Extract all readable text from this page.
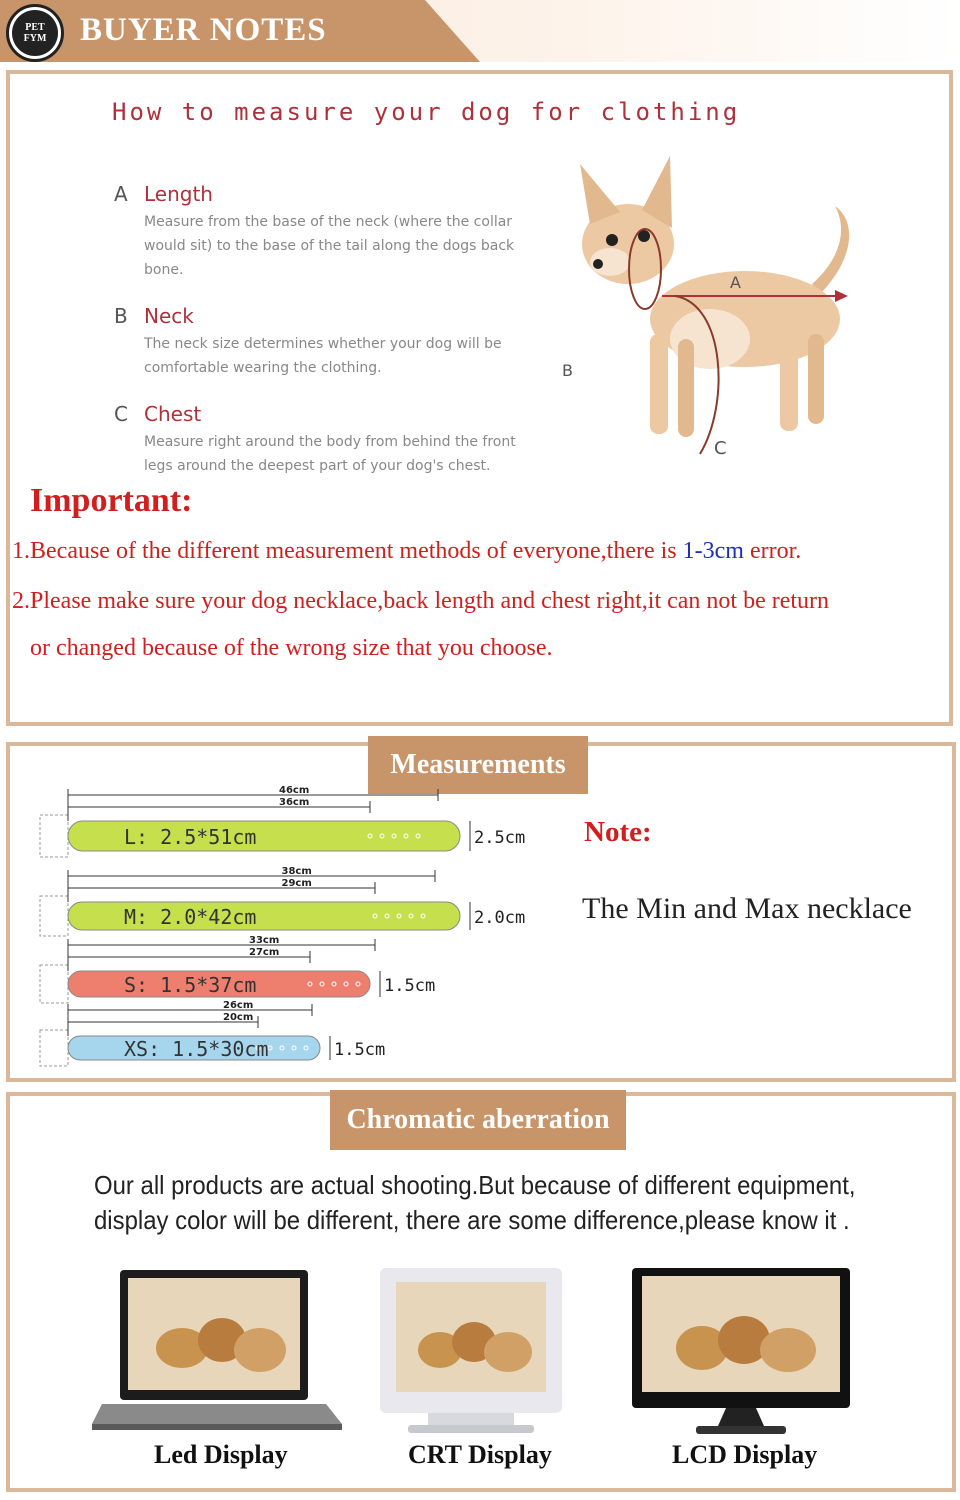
PET
FYM	BUYER NOTES
How to measure your dog for clothing
A Length
Measure from the base of the neck (where the collar would sit) to the base of the tail along the dogs back bone.
B Neck
The neck size determines whether your dog will be comfortable wearing the clothing.
C Chest
Measure right around the body from behind the front legs around the deepest part of your dog's chest.
A
B
C
Important:
1.Because of the different measurement methods of everyone,there is 1-3cm error.
2.Please make sure your dog necklace,back length and chest right,it can not be return
or changed because of the wrong size that you choose.
Measurements
L: 2.5*51cm
46cm
36cm
2.5cm
M: 2.0*42cm
38cm
29cm
2.0cm
S: 1.5*37cm
33cm
27cm
1.5cm
XS: 1.5*30cm
26cm
20cm
1.5cm
Note:
The Min and Max necklace
Chromatic aberration
Our all products are actual shooting.But because of different equipment,
display color will be different, there are some difference,please know it .
Led Display	CRT Display	LCD Display
